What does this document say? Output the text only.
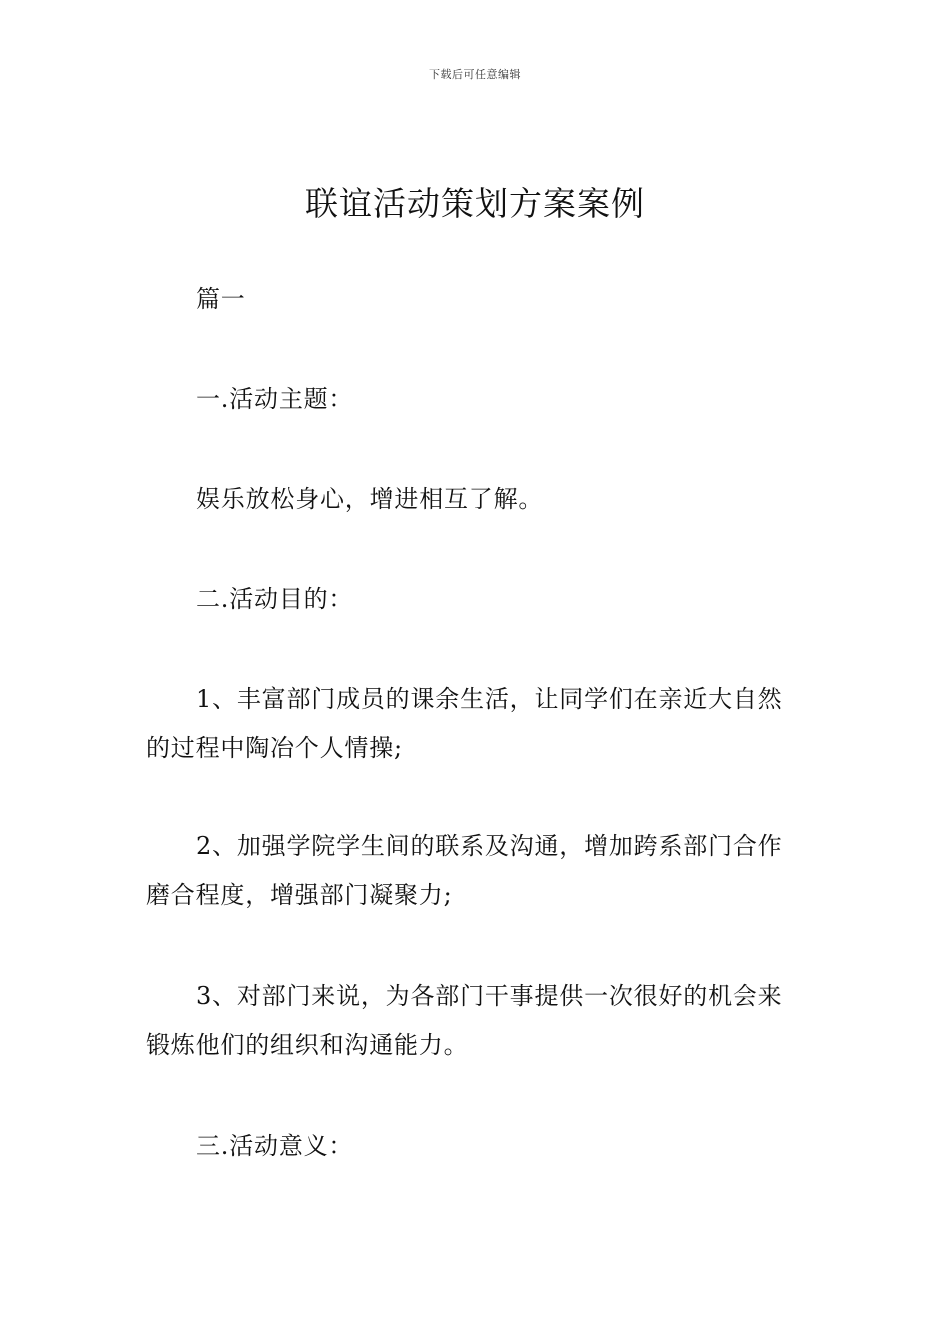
下载后可任意编辑
联谊活动策划方案案例

篇一

一.活动主题：

娱乐放松身心，增进相互了解。

二.活动目的：

1、丰富部门成员的课余生活，让同学们在亲近大自然的过程中陶冶个人情操;

2、加强学院学生间的联系及沟通，增加跨系部门合作磨合程度，增强部门凝聚力;

3、对部门来说，为各部门干事提供一次很好的机会来锻炼他们的组织和沟通能力。

三.活动意义：
